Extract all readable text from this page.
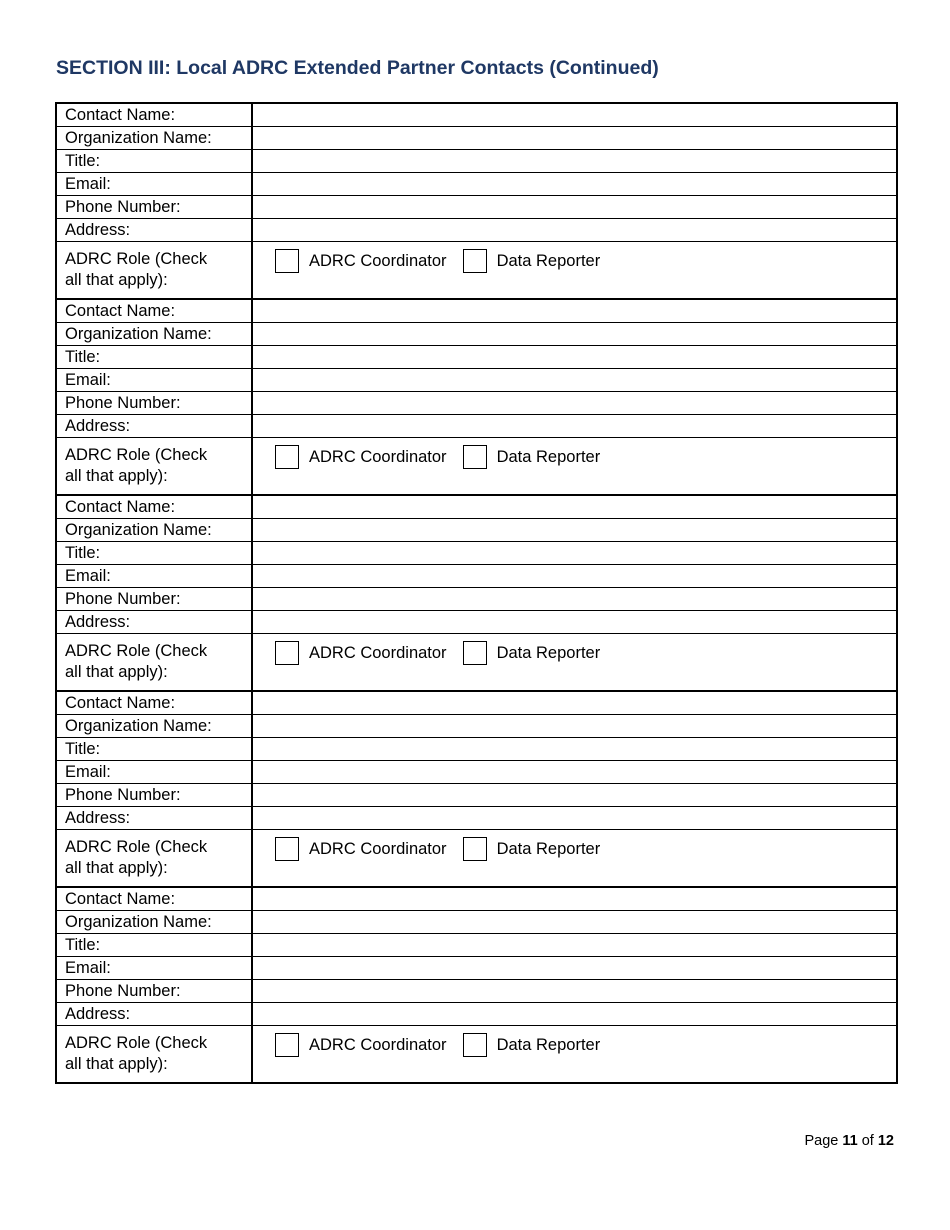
SECTION III: Local ADRC Extended Partner Contacts (Continued)
Contact Name:	
Organization Name:	
Title:	
Email:	
Phone Number:	
Address:	
ADRC Role (Check
all that apply):	ADRC Coordinator Data Reporter

Contact Name:	
Organization Name:	
Title:	
Email:	
Phone Number:	
Address:	
ADRC Role (Check
all that apply):	ADRC Coordinator Data Reporter

Contact Name:	
Organization Name:	
Title:	
Email:	
Phone Number:	
Address:	
ADRC Role (Check
all that apply):	ADRC Coordinator Data Reporter

Contact Name:	
Organization Name:	
Title:	
Email:	
Phone Number:	
Address:	
ADRC Role (Check
all that apply):	ADRC Coordinator Data Reporter

Contact Name:	
Organization Name:	
Title:	
Email:	
Phone Number:	
Address:	
ADRC Role (Check
all that apply):	ADRC Coordinator Data Reporter
Page 11 of 12
